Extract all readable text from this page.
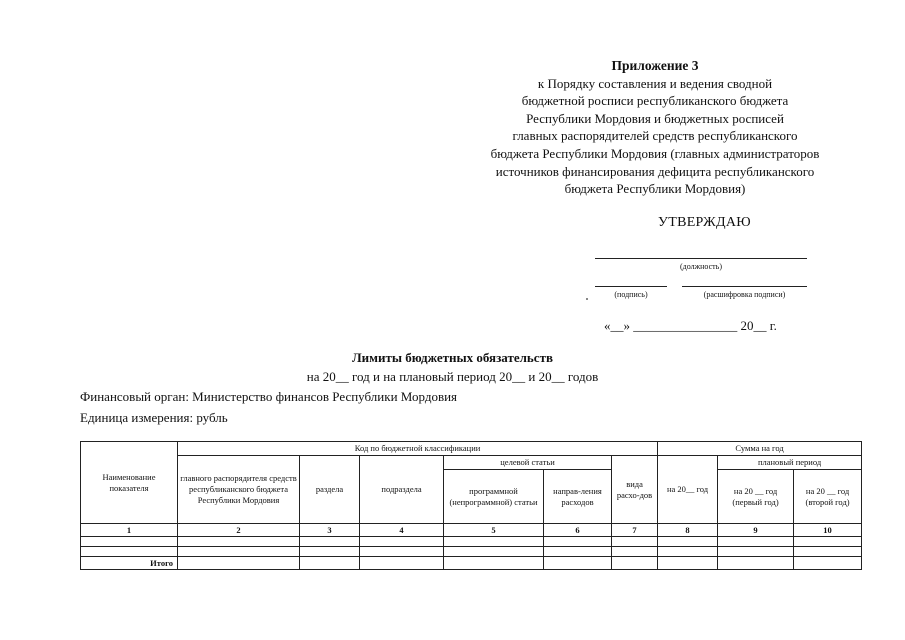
Приложение 3
к Порядку составления и ведения сводной
бюджетной росписи республиканского бюджета
Республики Мордовия и бюджетных росписей
главных распорядителей средств республиканского
бюджета Республики Мордовия (главных администраторов
источников финансирования дефицита республиканского
бюджета Республики Мордовия)
УТВЕРЖДАЮ
(должность)
(подпись)	(расшифровка подписи)
«__» ________________ 20__ г.
Лимиты бюджетных обязательств
на 20__ год и на плановый период 20__ и 20__ годов
Финансовый орган: Министерство финансов Республики Мордовия
Единица измерения: рубль
Наименование показателя	Код по бюджетной классификации						Сумма на год		
	главного распорядителя средств республиканского бюджета Республики Мордовия	раздела	подраздела	целевой статьи		вида расхо-дов	на 20__ год	плановый период	
				программной (непрограммной) статьи	направ-ления расходов			на 20 __ год (первый год)	на 20 __ год (второй год)
1	2	3	4	5	6	7	8	9	10

Итого									
